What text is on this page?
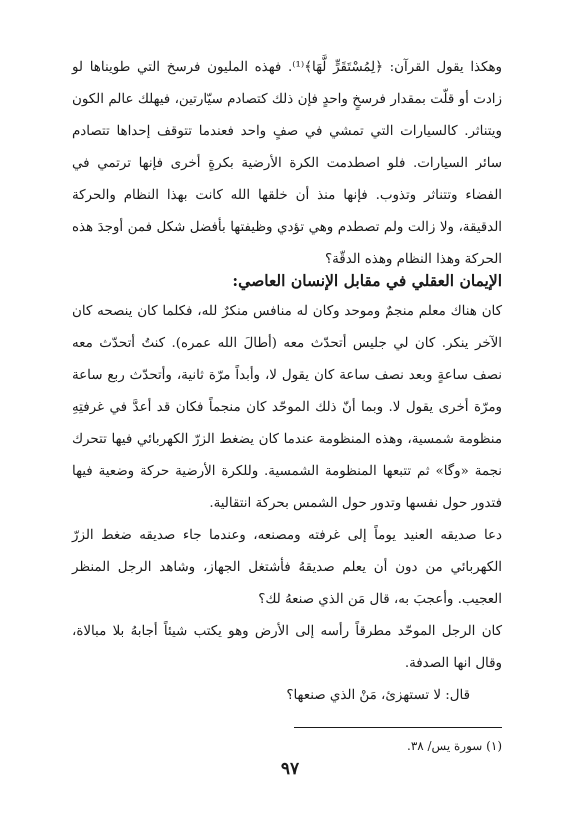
وهكذا يقول القرآن: ﴿لِمُسْتَقَرٍّ لَّهَا﴾⁽¹⁾. فهذه المليون فرسخ التي طويناها لو زادت أو قلّت بمقدار فرسخٍ واحدٍ فإن ذلك كتصادم سيّارتين، فيهلك عالم الكون ويتناثر. كالسيارات التي تمشي في صفٍ واحد فعندما تتوقف إحداها تتصادم سائر السيارات. فلو اصطدمت الكرة الأرضية بكرةٍ أخرى فإنها ترتمي في الفضاء وتتناثر وتذوب. فإنها منذ أن خلقها الله كانت بهذا النظام والحركة الدقيقة، ولا زالت ولم تصطدم وهي تؤدي وظيفتها بأفضل شكل فمن أوجدَ هذه الحركة وهذا النظام وهذه الدقّة؟

الإيمان العقلي في مقابل الإنسان العاصي:

كان هناك معلم منجمٌ وموحد وكان له منافس منكرٌ لله، فكلما كان ينصحه كان الآخر ينكر. كان لي جليس أتحدّث معه (أطالَ الله عمره). كنتُ أتحدّث معه نصف ساعةٍ وبعد نصف ساعة كان يقول لا، وأبداً مرّة ثانية، وأتحدّث ربع ساعة ومرّة أخرى يقول لا. وبما أنّ ذلك الموحّد كان منجماً فكان قد أعدَّ في غرفتِهِ منظومة شمسية، وهذه المنظومة عندما كان يضغط الزرّ الكهربائي فيها تتحرك نجمة «وگا» ثم تتبعها المنظومة الشمسية. وللكرة الأرضية حركة وضعية فيها فتدور حول نفسها وتدور حول الشمس بحركة انتقالية.

دعا صديقه العنيد يوماً إلى غرفته ومصنعه، وعندما جاء صديقه ضغط الزرّ الكهربائي من دون أن يعلم صديقهُ فأشتغل الجهاز، وشاهد الرجل المنظر العجيب. وأعجبَ به، قال مَن الذي صنعهُ لك؟

كان الرجل الموحّد مطرقاً رأسه إلى الأرض وهو يكتب شيئاً أجابهُ بلا مبالاة، وقال انها الصدفة.

قال: لا تستهزئ، مَنْ الذي صنعها؟

(١) سورة يس/ ٣٨.

٩٧
